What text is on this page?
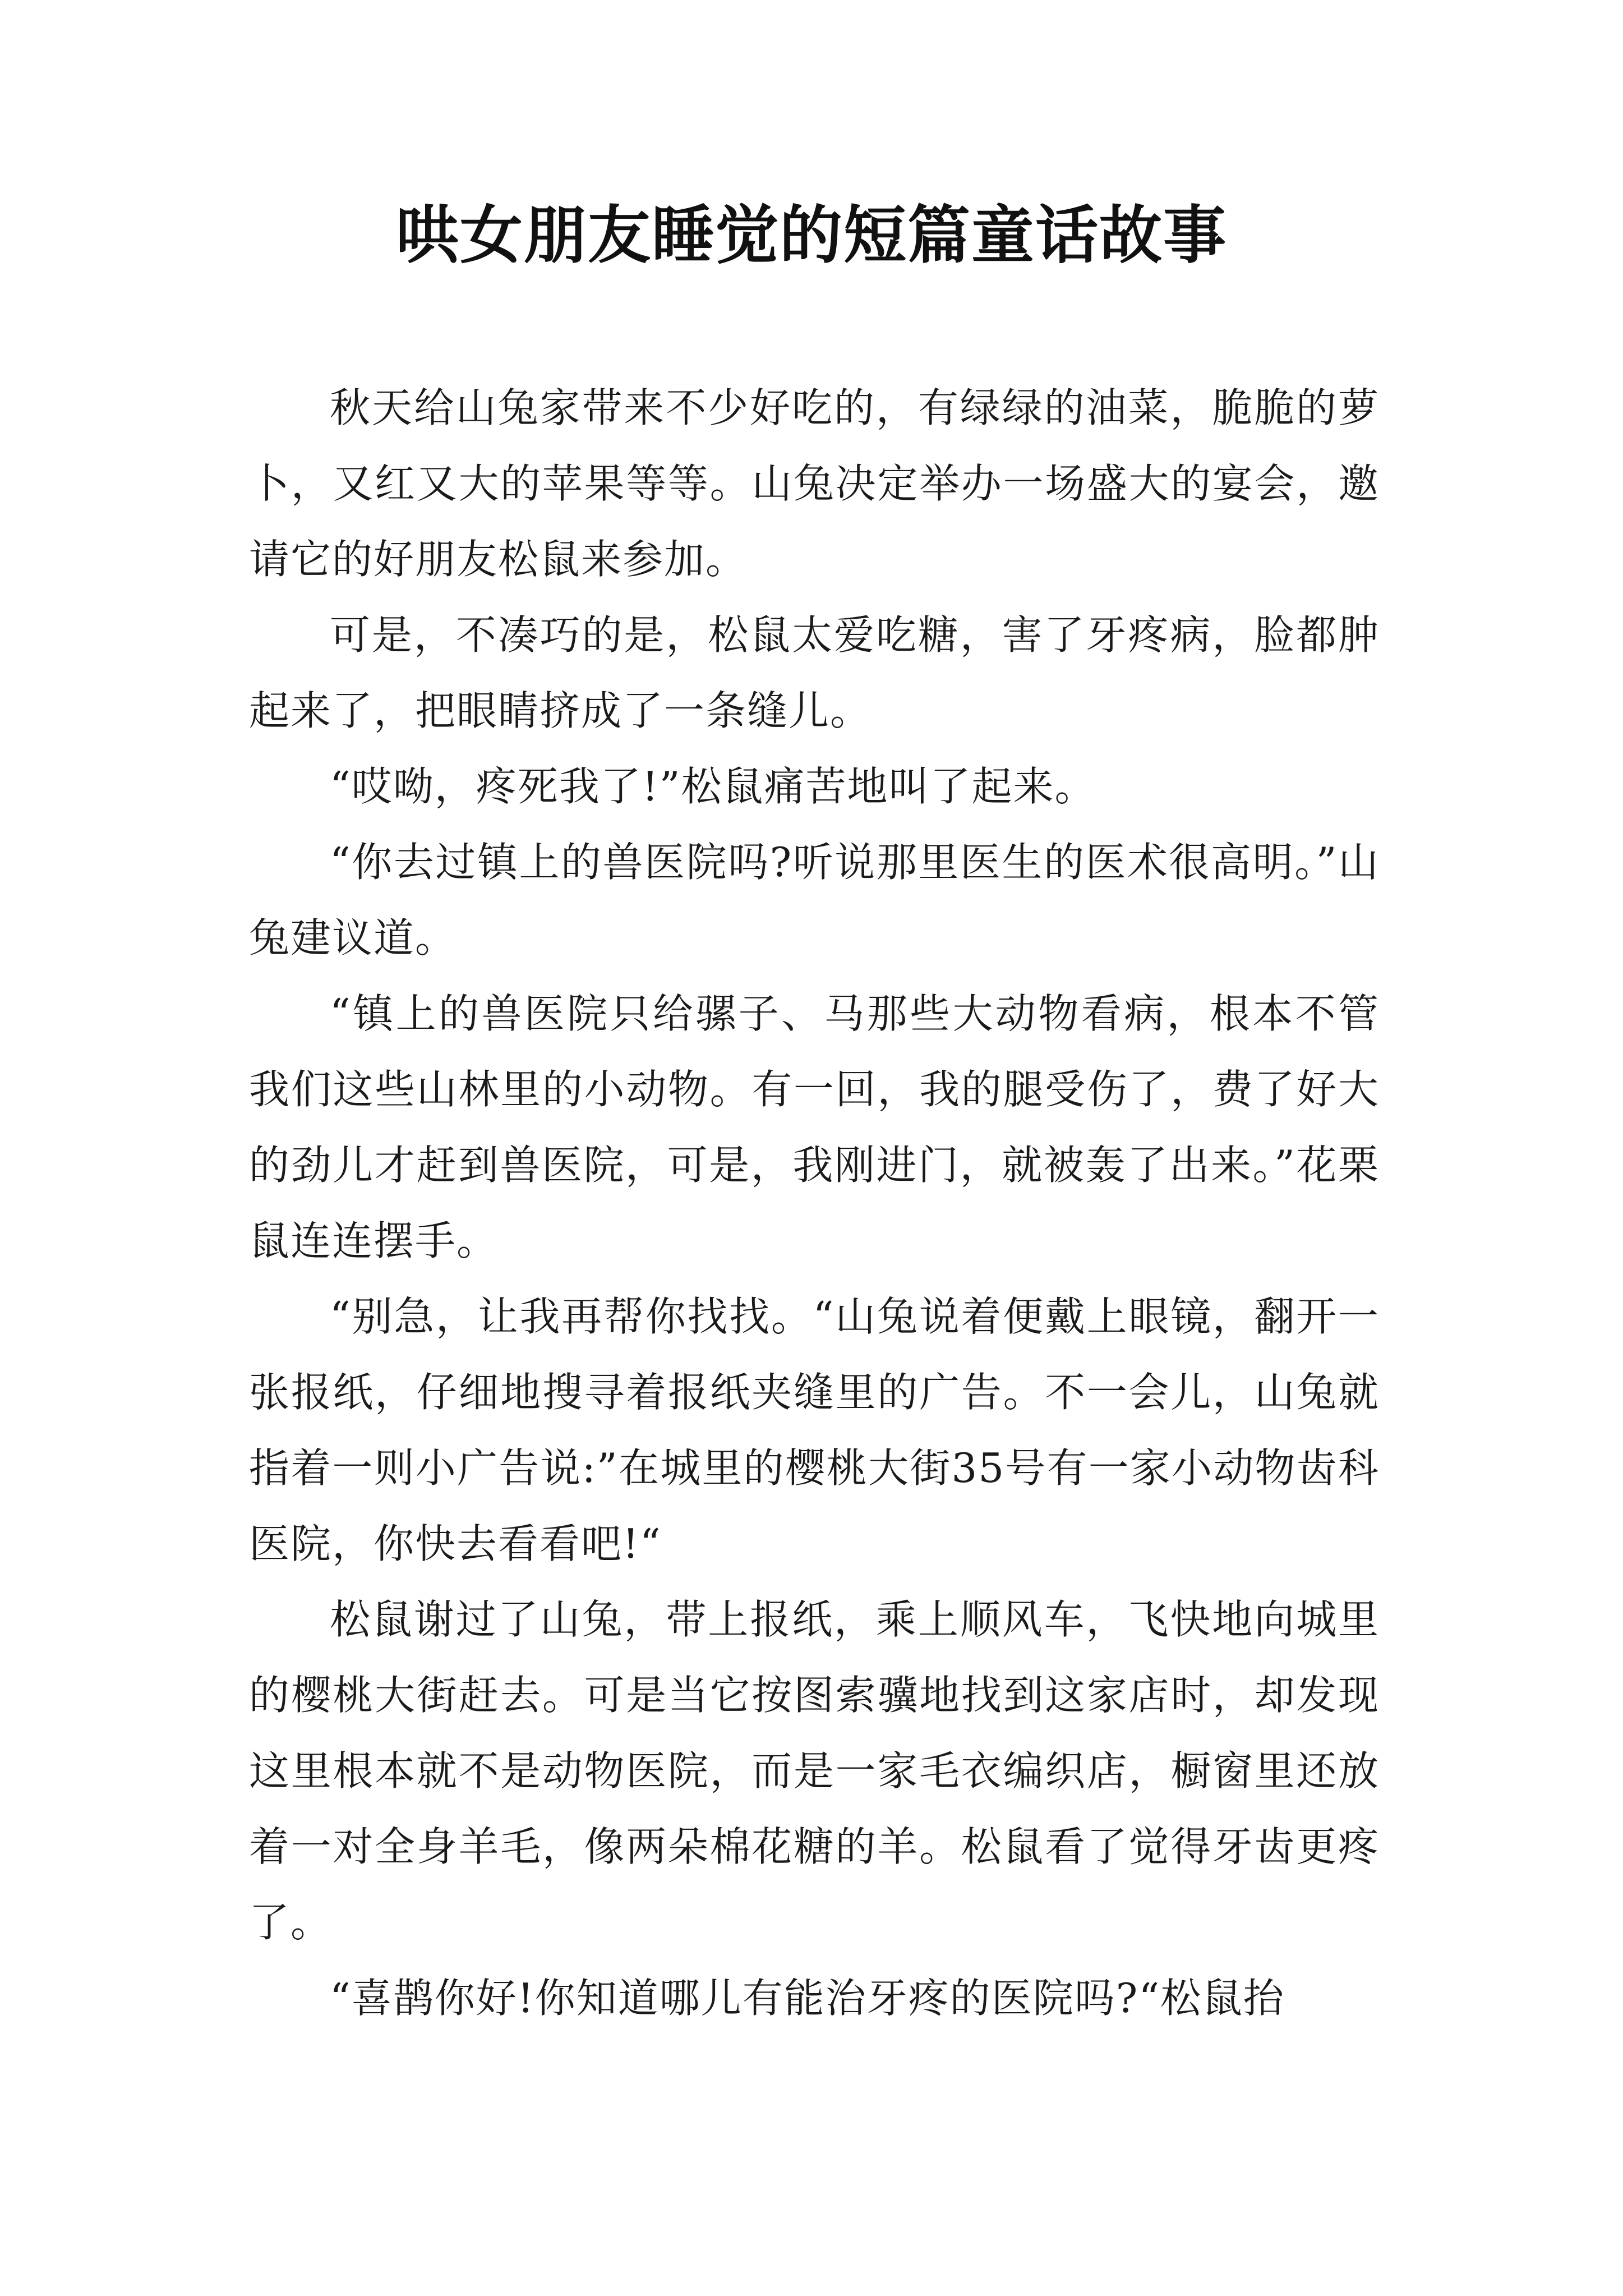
哄女朋友睡觉的短篇童话故事

秋天给山兔家带来不少好吃的，有绿绿的油菜，脆脆的萝卜，又红又大的苹果等等。山兔决定举办一场盛大的宴会，邀请它的好朋友松鼠来参加。

可是，不凑巧的是，松鼠太爱吃糖，害了牙疼病，脸都肿起来了，把眼睛挤成了一条缝儿。

“哎呦，疼死我了!”松鼠痛苦地叫了起来。

“你去过镇上的兽医院吗?听说那里医生的医术很高明。”山兔建议道。

“镇上的兽医院只给骡子、马那些大动物看病，根本不管我们这些山林里的小动物。有一回，我的腿受伤了，费了好大的劲儿才赶到兽医院，可是，我刚进门，就被轰了出来。”花栗鼠连连摆手。

“别急，让我再帮你找找。“山兔说着便戴上眼镜，翻开一张报纸，仔细地搜寻着报纸夹缝里的广告。不一会儿，山兔就指着一则小广告说:”在城里的樱桃大街35号有一家小动物齿科医院，你快去看看吧!“

松鼠谢过了山兔，带上报纸，乘上顺风车，飞快地向城里的樱桃大街赶去。可是当它按图索骥地找到这家店时，却发现这里根本就不是动物医院，而是一家毛衣编织店，橱窗里还放着一对全身羊毛，像两朵棉花糖的羊。松鼠看了觉得牙齿更疼了。

“喜鹊你好!你知道哪儿有能治牙疼的医院吗?“松鼠抬
